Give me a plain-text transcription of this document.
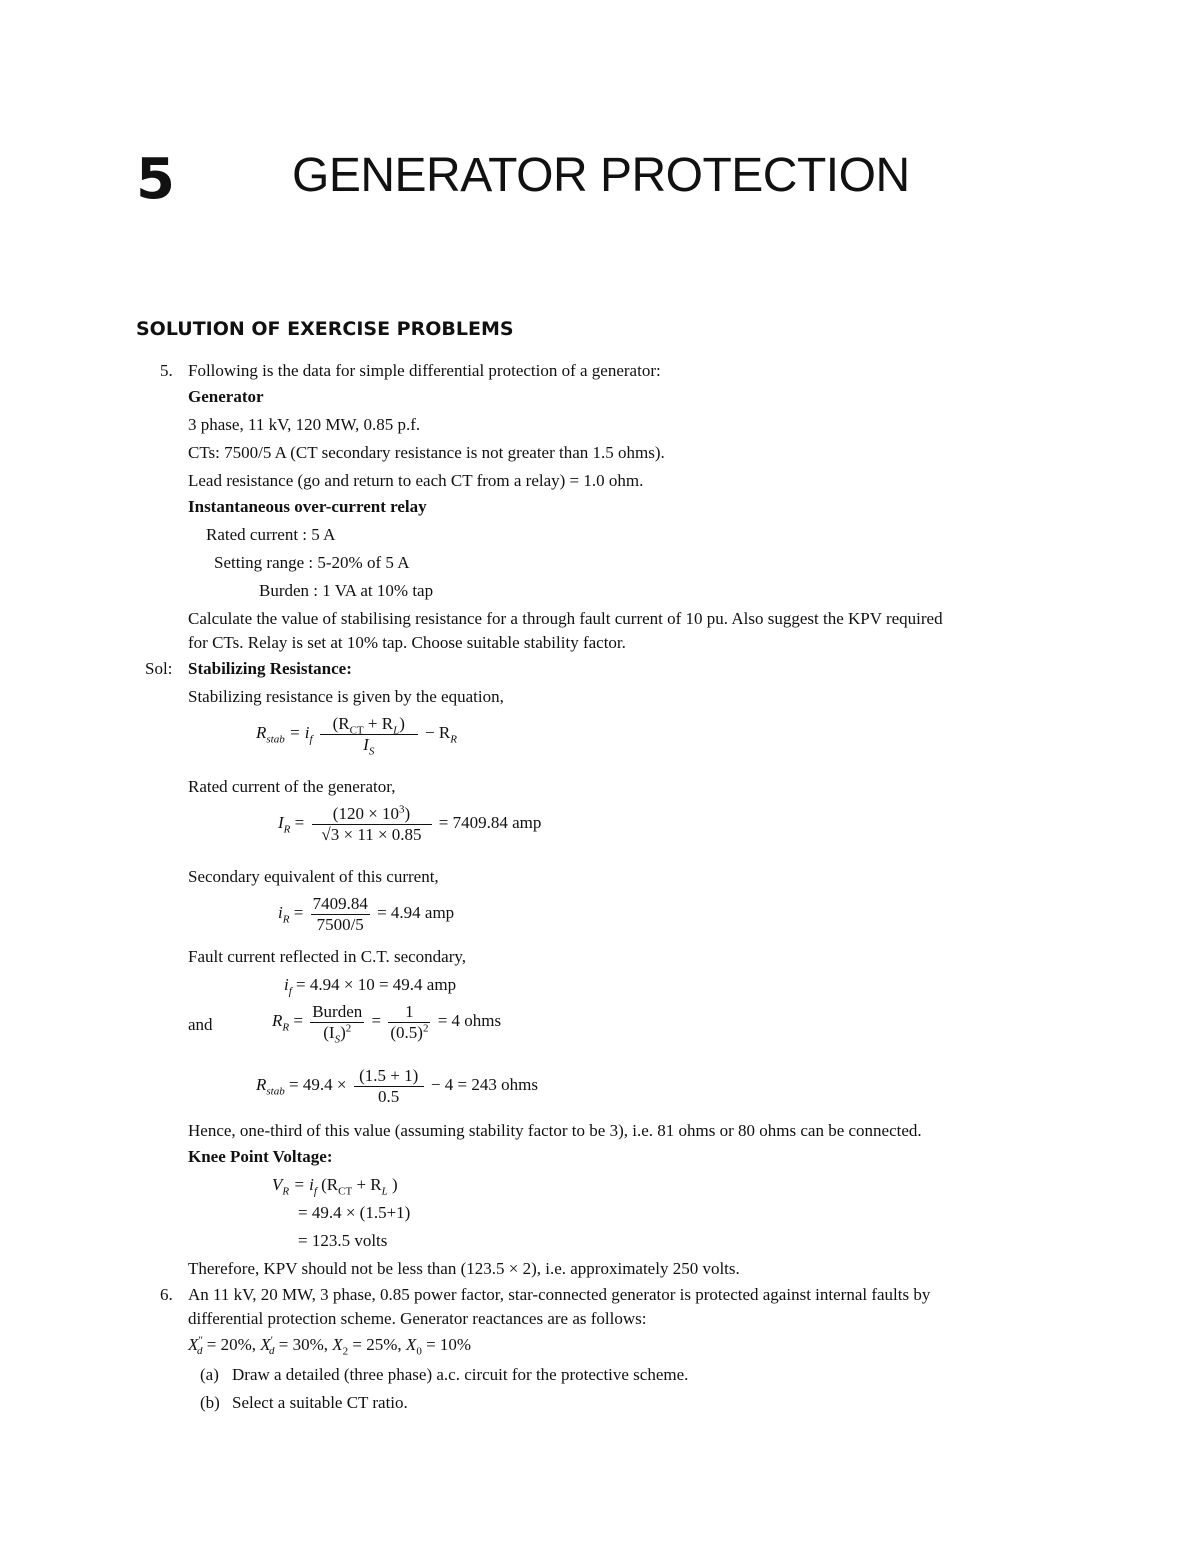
5 GENERATOR PROTECTION
SOLUTION OF EXERCISE PROBLEMS
5. Following is the data for simple differential protection of a generator:
Generator
3 phase, 11 kV, 120 MW, 0.85 p.f.
CTs: 7500/5 A (CT secondary resistance is not greater than 1.5 ohms).
Lead resistance (go and return to each CT from a relay) = 1.0 ohm.
Instantaneous over-current relay
Rated current : 5 A
Setting range : 5-20% of 5 A
Burden : 1 VA at 10% tap
Calculate the value of stabilising resistance for a through fault current of 10 pu. Also suggest the KPV required
for CTs. Relay is set at 10% tap. Choose suitable stability factor.
Sol: Stabilizing Resistance:
Stabilizing resistance is given by the equation,
$R_{stab} = i_f \frac{(R_{CT} + R_L)}{I_S} - R_R$
Rated current of the generator,
$I_R = \frac{(120 \times 10^3)}{√3 \times 11 \times 0.85} = 7409.84$ amp
Secondary equivalent of this current,
$i_R = \frac{7409.84}{7500/5} = 4.94$ amp
Fault current reflected in C.T. secondary,
$i_f = 4.94 \times 10 = 49.4$ amp
and	$R_R = \frac{\text{Burden}}{(I_S)^2} = \frac{1}{(0.5)^2} = 4$ ohms
$R_{stab} = 49.4 \times \frac{(1.5 + 1)}{0.5} - 4 = 243$ ohms
Hence, one-third of this value (assuming stability factor to be 3), i.e. 81 ohms or 80 ohms can be connected.
Knee Point Voltage:
$V_R = i_f$ ($R_{CT} + R_L$ )
= 49.4 × (1.5+1)
= 123.5 volts
Therefore, KPV should not be less than (123.5 × 2), i.e. approximately 250 volts.
6. An 11 kV, 20 MW, 3 phase, 0.85 power factor, star-connected generator is protected against internal faults by
differential protection scheme. Generator reactances are as follows:
$X''_d = 20\%$, $X'_d = 30\%$, $X_2 = 25\%$, $X_0 = 10\%$
(a) Draw a detailed (three phase) a.c. circuit for the protective scheme.
(b) Select a suitable CT ratio.
